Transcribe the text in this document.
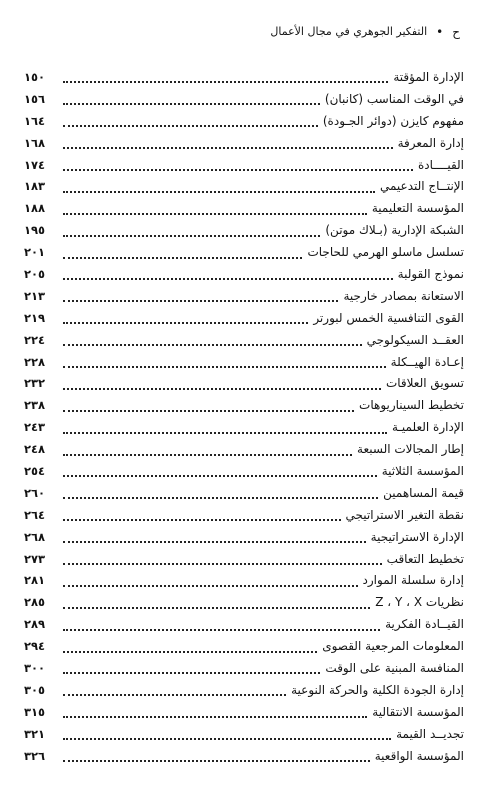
ح
•
التفكير الجوهري في مجال الأعمال
الإدارة المؤقتة
١٥٠
في الوقت المناسب (كانبان)
١٥٦
مفهوم كايزن (دوائر الجـودة)
١٦٤
إدارة المعرفة
١٦٨
القيــــادة
١٧٤
الإنتــاج التدعيمي
١٨٣
المؤسسة التعليمية
١٨٨
الشبكة الإدارية (بـلاك موتن)
١٩٥
تسلسل ماسلو الهرمي للحاجات
٢٠١
نموذج القولبة
٢٠٥
الاستعانة بمصادر خارجية
٢١٣
القوى التنافسية الخمس لبورتر
٢١٩
العقــد السيكولوجي
٢٢٤
إعـادة الهيــكلة
٢٢٨
تسويق العلاقات
٢٣٢
تخطيط السيناريوهات
٢٣٨
الإدارة العلميـة
٢٤٣
إطار المجالات السبعة
٢٤٨
المؤسسة الثلاثية
٢٥٤
قيمة المساهمين
٢٦٠
نقطة التغير الاستراتيجي
٢٦٤
الإدارة الاستراتيجية
٢٦٨
تخطيط التعاقب
٢٧٣
إدارة سلسلة الموارد
٢٨١
نظريات X‏ ، Y‏ ، Z
٢٨٥
القيــادة الفكرية
٢٨٩
المعلومات المرجعية القصوى
٢٩٤
المنافسة المبنية على الوقت
٣٠٠
إدارة الجودة الكلية والحركة النوعية
٣٠٥
المؤسسة الانتقالية
٣١٥
تجديــد القيمة
٣٢١
المؤسسة الواقعية
٣٢٦
